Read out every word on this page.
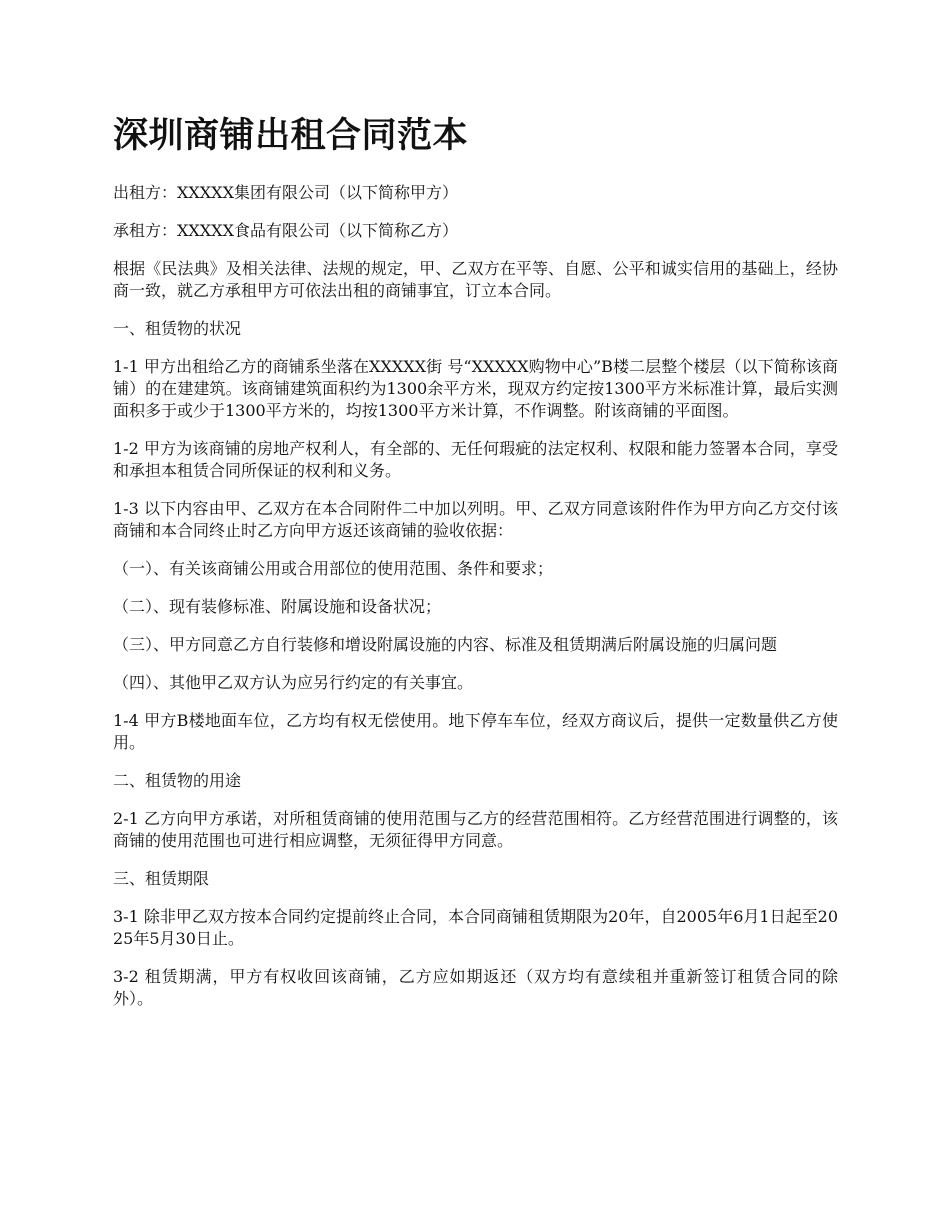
深圳商铺出租合同范本

出租方：XXXXX集团有限公司（以下简称甲方）

承租方：XXXXX食品有限公司（以下简称乙方）

根据《民法典》及相关法律、法规的规定，甲、乙双方在平等、自愿、公平和诚实信用的基础上，经协商一致，就乙方承租甲方可依法出租的商铺事宜，订立本合同。

一、租赁物的状况

1-1 甲方出租给乙方的商铺系坐落在XXXXX街 号“XXXXX购物中心”B楼二层整个楼层（以下简称该商铺）的在建建筑。该商铺建筑面积约为1300余平方米，现双方约定按1300平方米标准计算，最后实测面积多于或少于1300平方米的，均按1300平方米计算，不作调整。附该商铺的平面图。

1-2 甲方为该商铺的房地产权利人，有全部的、无任何瑕疵的法定权利、权限和能力签署本合同，享受和承担本租赁合同所保证的权利和义务。

1-3 以下内容由甲、乙双方在本合同附件二中加以列明。甲、乙双方同意该附件作为甲方向乙方交付该商铺和本合同终止时乙方向甲方返还该商铺的验收依据：

（一）、有关该商铺公用或合用部位的使用范围、条件和要求；

（二）、现有装修标准、附属设施和设备状况；

（三）、甲方同意乙方自行装修和增设附属设施的内容、标准及租赁期满后附属设施的归属问题

（四）、其他甲乙双方认为应另行约定的有关事宜。

1-4 甲方B楼地面车位，乙方均有权无偿使用。地下停车车位，经双方商议后，提供一定数量供乙方使用。

二、租赁物的用途

2-1 乙方向甲方承诺，对所租赁商铺的使用范围与乙方的经营范围相符。乙方经营范围进行调整的，该商铺的使用范围也可进行相应调整，无须征得甲方同意。

三、租赁期限

3-1 除非甲乙双方按本合同约定提前终止合同，本合同商铺租赁期限为20年，自2005年6月1日起至2025年5月30日止。

3-2 租赁期满，甲方有权收回该商铺，乙方应如期返还（双方均有意续租并重新签订租赁合同的除外）。
